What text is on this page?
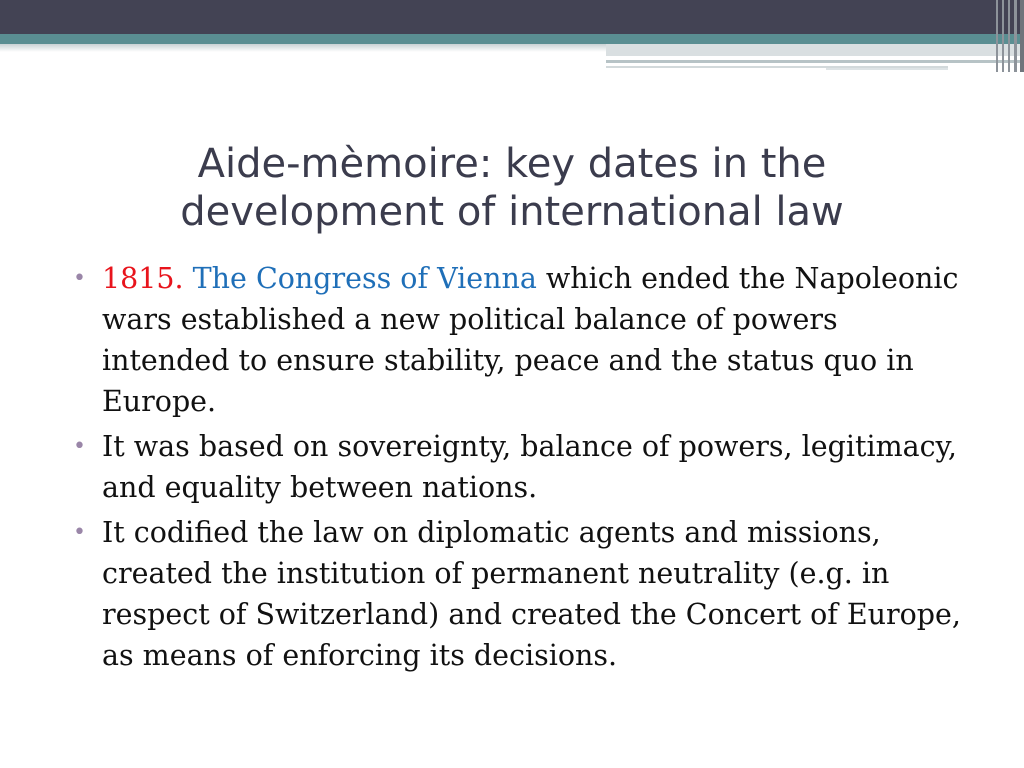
Aide-mèmoire: key dates in the
development of international law
• 1815. The Congress of Vienna which ended the Napoleonic wars established a new political balance of powers intended to ensure stability, peace and the status quo in Europe.
• It was based on sovereignty, balance of powers, legitimacy, and equality between nations.
• It codified the law on diplomatic agents and missions, created the institution of permanent neutrality (e.g. in respect of Switzerland) and created the Concert of Europe, as means of enforcing its decisions.
